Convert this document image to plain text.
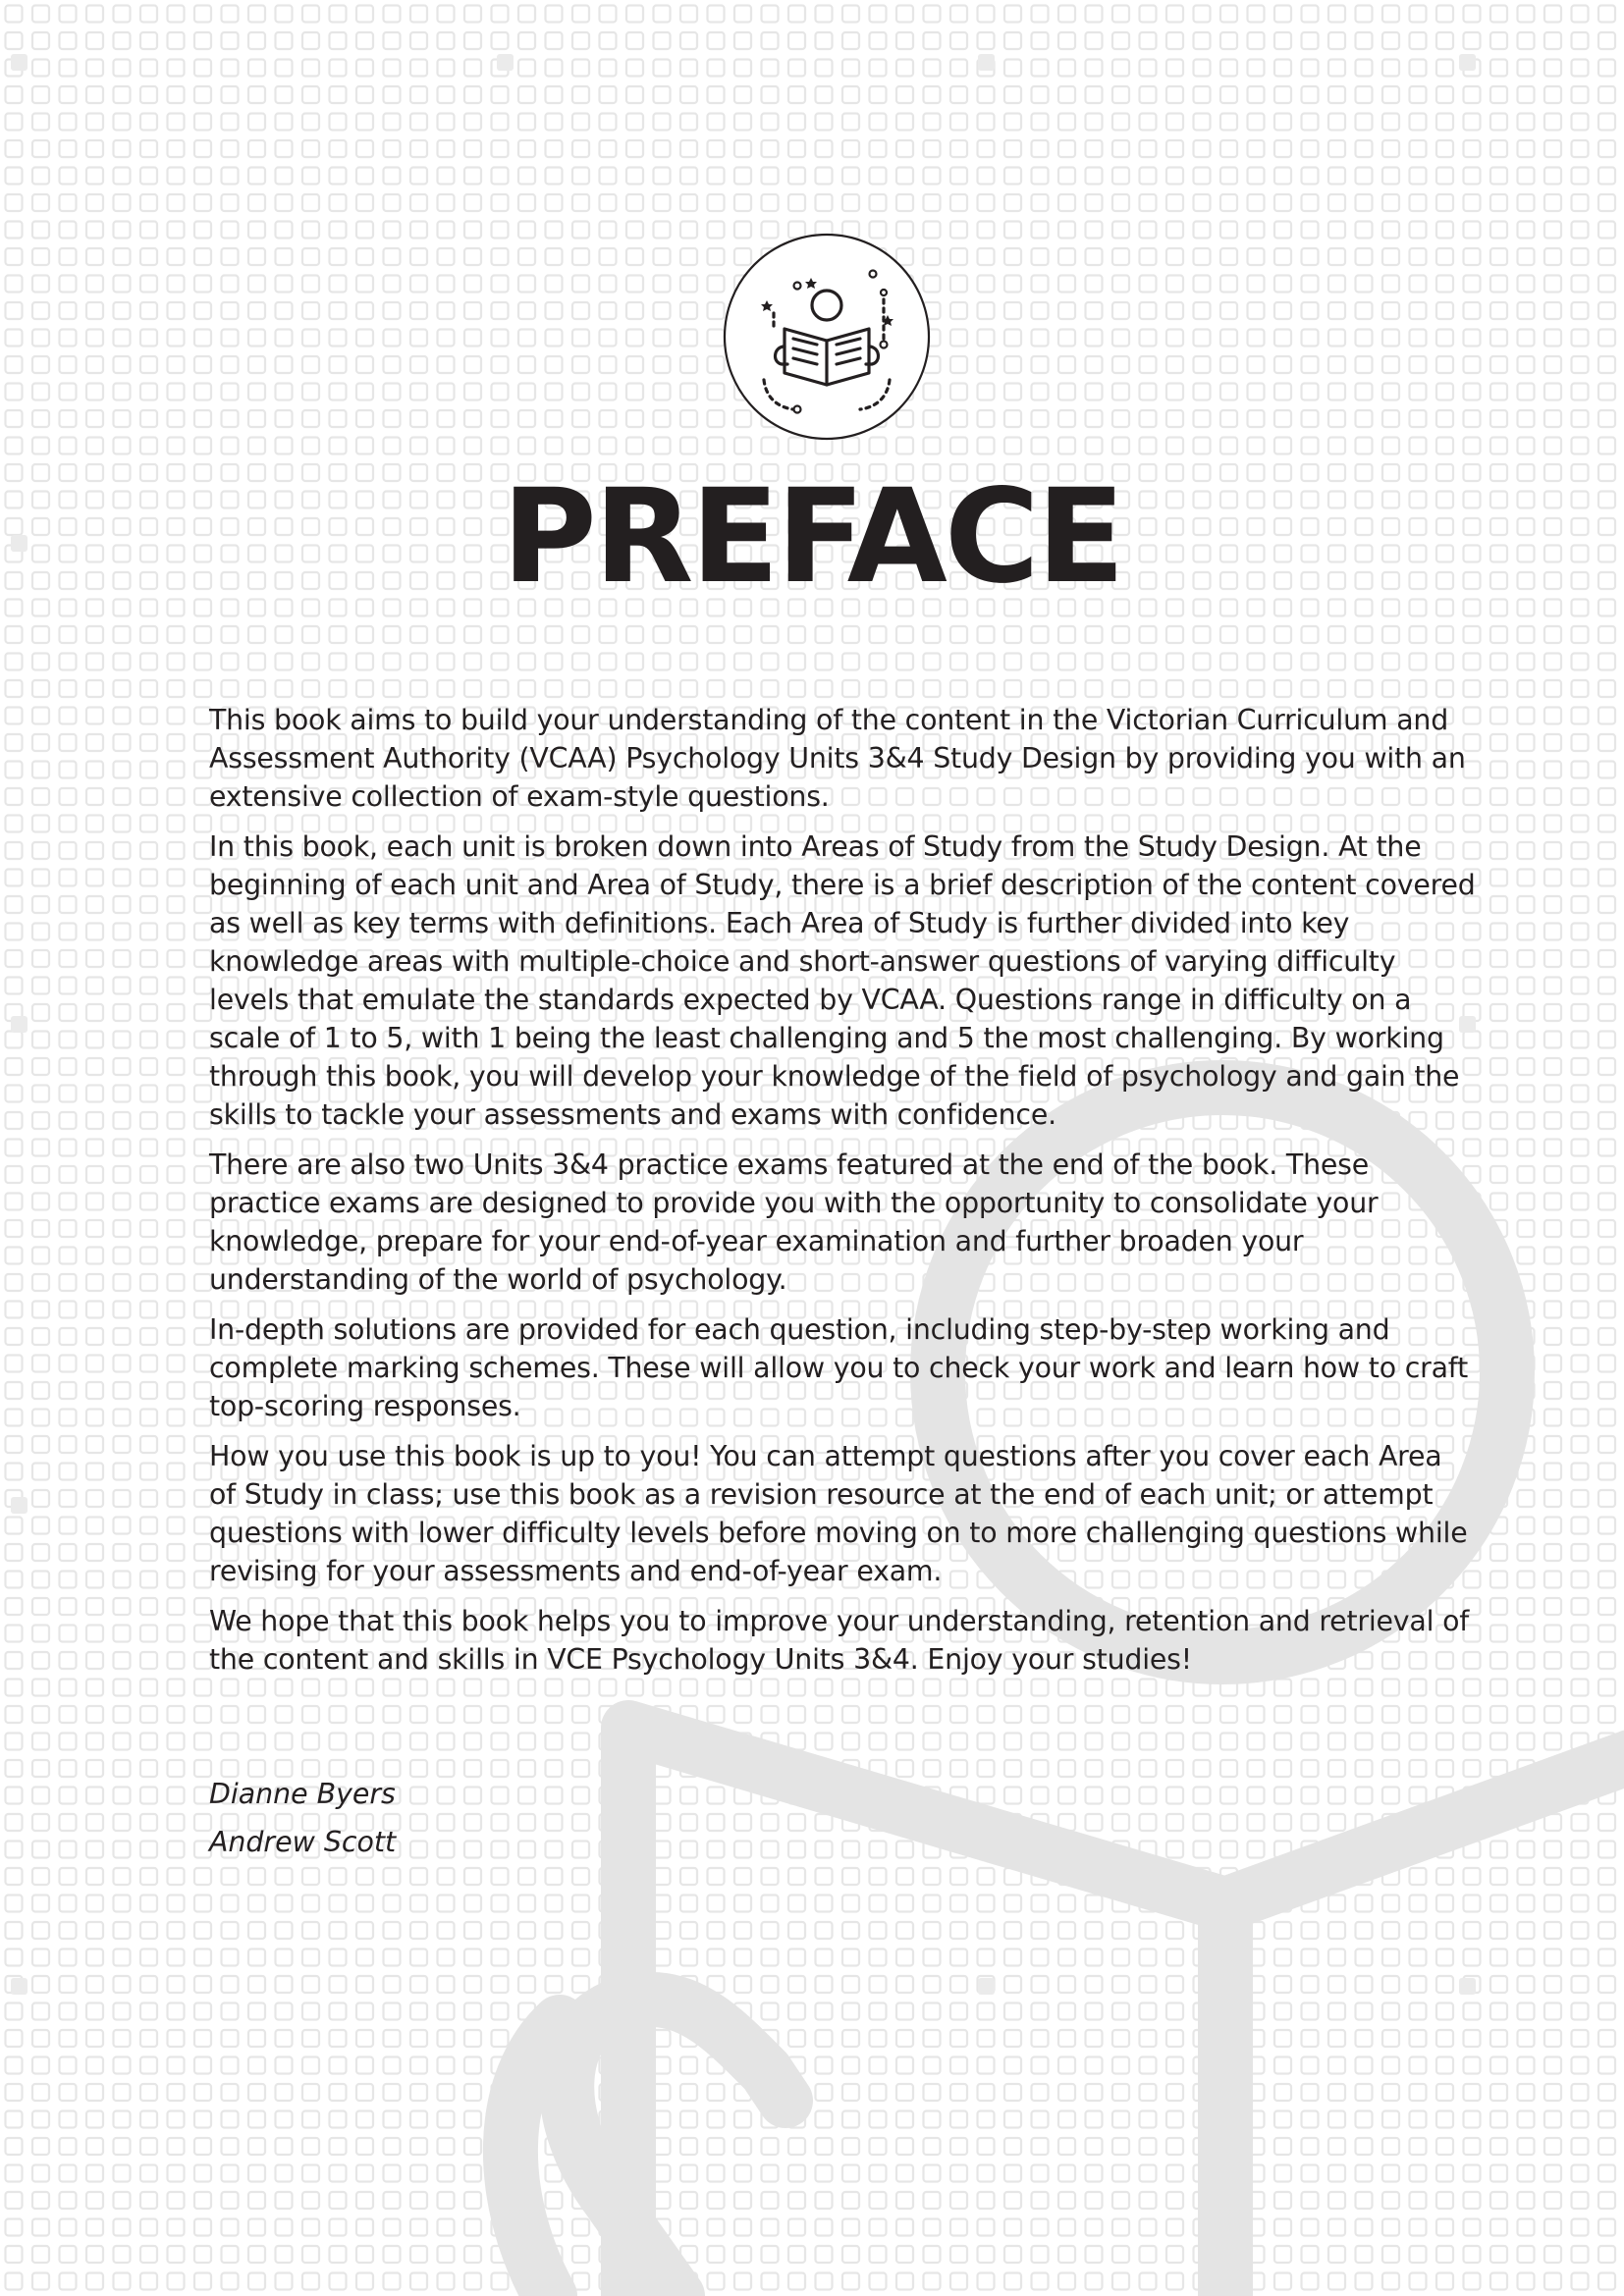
PREFACE

This book aims to build your understanding of the content in the Victorian Curriculum and Assessment Authority (VCAA) Psychology Units 3&4 Study Design by providing you with an extensive collection of exam-style questions.

In this book, each unit is broken down into Areas of Study from the Study Design. At the beginning of each unit and Area of Study, there is a brief description of the content covered as well as key terms with definitions. Each Area of Study is further divided into key knowledge areas with multiple-choice and short-answer questions of varying difficulty levels that emulate the standards expected by VCAA. Questions range in difficulty on a scale of 1 to 5, with 1 being the least challenging and 5 the most challenging. By working through this book, you will develop your knowledge of the field of psychology and gain the skills to tackle your assessments and exams with confidence.

There are also two Units 3&4 practice exams featured at the end of the book. These practice exams are designed to provide you with the opportunity to consolidate your knowledge, prepare for your end-of-year examination and further broaden your understanding of the world of psychology.

In-depth solutions are provided for each question, including step-by-step working and complete marking schemes. These will allow you to check your work and learn how to craft top-scoring responses.

How you use this book is up to you! You can attempt questions after you cover each Area of Study in class; use this book as a revision resource at the end of each unit; or attempt questions with lower difficulty levels before moving on to more challenging questions while revising for your assessments and end-of-year exam.

We hope that this book helps you to improve your understanding, retention and retrieval of the content and skills in VCE Psychology Units 3&4. Enjoy your studies!

Dianne Byers
Andrew Scott
